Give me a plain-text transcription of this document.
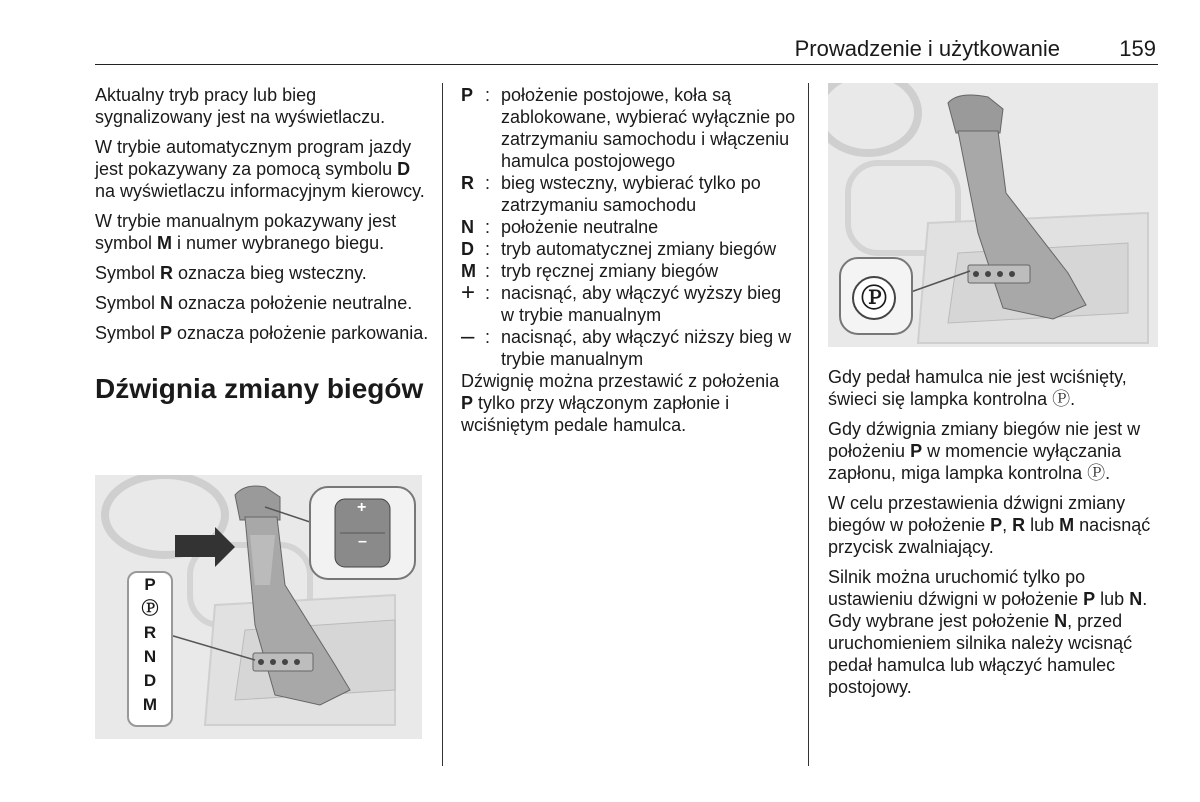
Prowadzenie i użytkowanie	159

Aktualny tryb pracy lub bieg sygnalizowany jest na wyświetlaczu.

W trybie automatycznym program jazdy jest pokazywany za pomocą symbolu D na wyświetlaczu informacyjnym kierowcy.

W trybie manualnym pokazywany jest symbol M i numer wybranego biegu.

Symbol R oznacza bieg wsteczny.

Symbol N oznacza położenie neutralne.

Symbol P oznacza położenie parkowania.

Dźwignia zmiany biegów
+
–
P
Ⓟ
R
N
D
M
P : położenie postojowe, koła są zablokowane, wybierać wyłącznie po zatrzymaniu samochodu i włączeniu hamulca postojowego
R : bieg wsteczny, wybierać tylko po zatrzymaniu samochodu
N : położenie neutralne
D : tryb automatycznej zmiany biegów
M : tryb ręcznej zmiany biegów
+ : nacisnąć, aby włączyć wyższy bieg w trybie manualnym
– : nacisnąć, aby włączyć niższy bieg w trybie manualnym

Dźwignię można przestawić z położenia P tylko przy włączonym zapłonie i wciśniętym pedale hamulca.

Ⓟ

Gdy pedał hamulca nie jest wciśnięty, świeci się lampka kontrolna Ⓟ.

Gdy dźwignia zmiany biegów nie jest w położeniu P w momencie wyłączania zapłonu, miga lampka kontrolna Ⓟ.

W celu przestawienia dźwigni zmiany biegów w położenie P, R lub M nacisnąć przycisk zwalniający.

Silnik można uruchomić tylko po ustawieniu dźwigni w położenie P lub N. Gdy wybrane jest położenie N, przed uruchomieniem silnika należy wcisnąć pedał hamulca lub włączyć hamulec postojowy.
